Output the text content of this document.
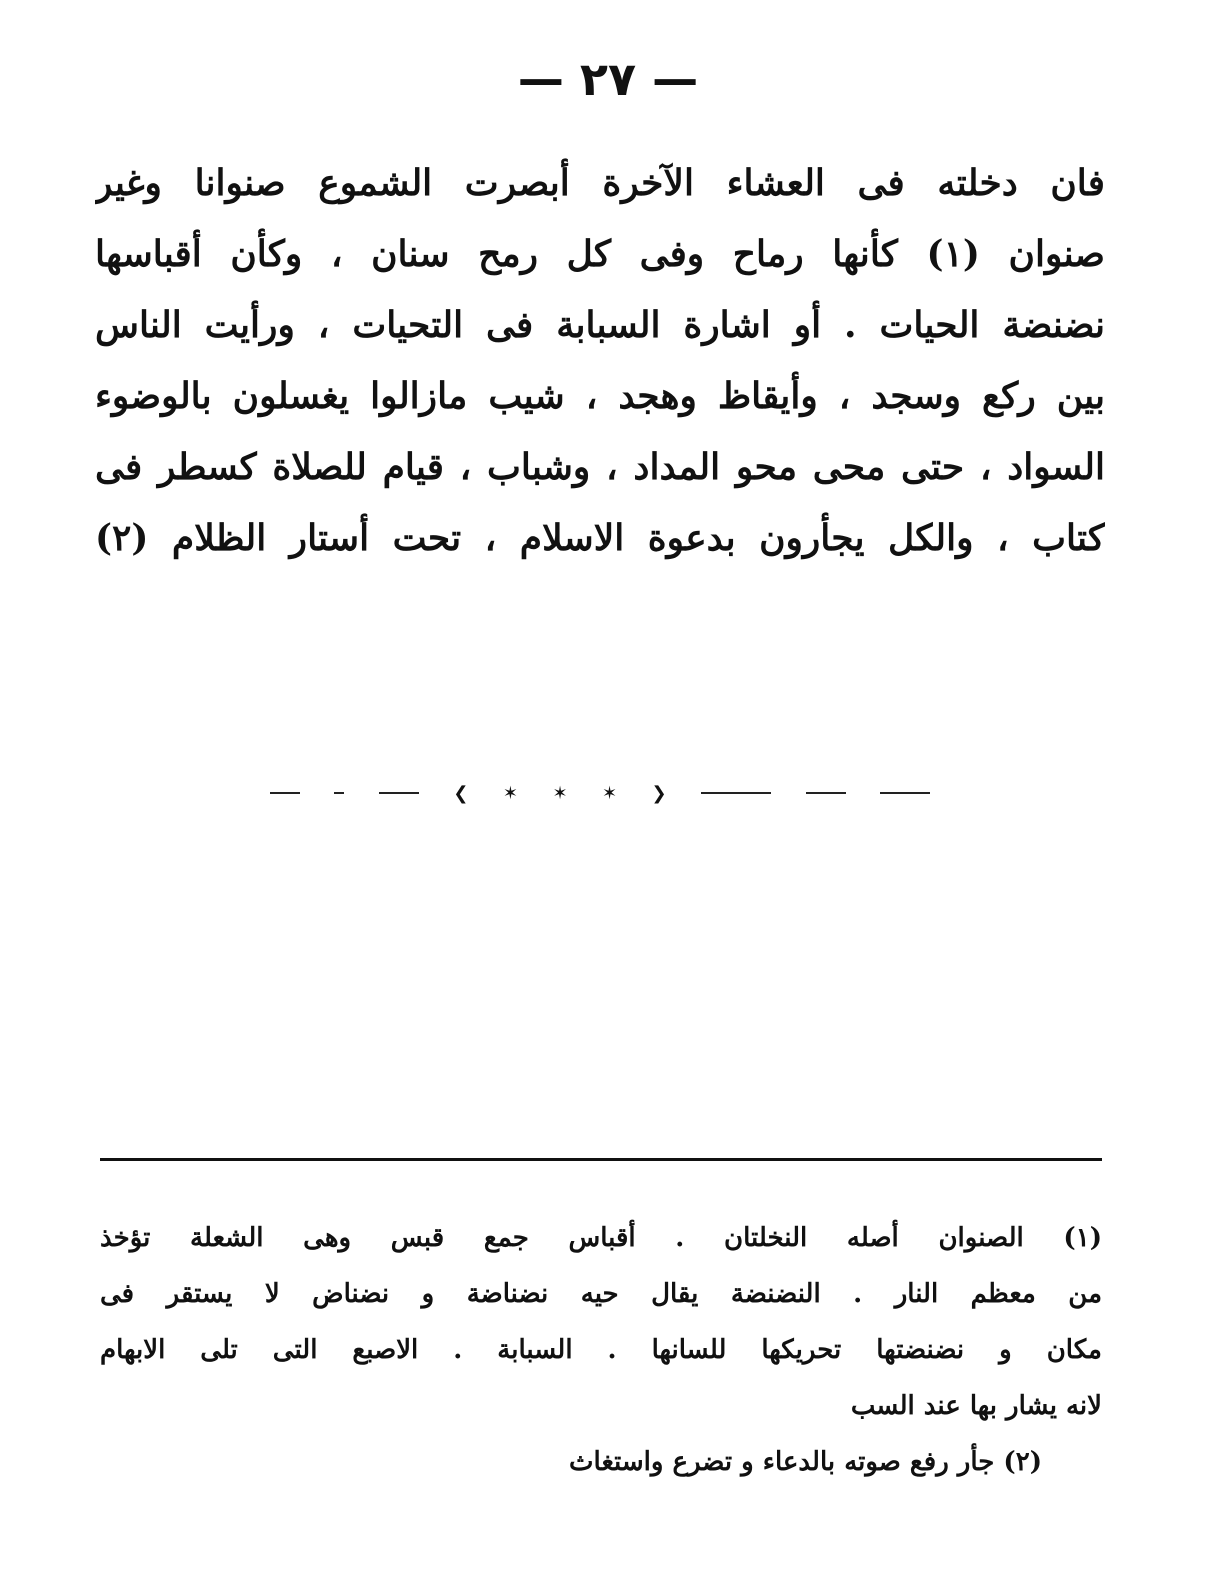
— ٢٧ —
فان دخلته فى العشاء الآخرة أبصرت الشموع صنوانا وغير
صنوان (١) كأنها رماح وفى كل رمح سنان ، وكأن أقباسها
نضنضة الحيات . أو اشارة السبابة فى التحيات ، ورأيت الناس
بين ركع وسجد ، وأيقاظ وهجد ، شيب مازالوا يغسلون بالوضوء
السواد ، حتى محى محو المداد ، وشباب ، قيام للصلاة كسطر فى
كتاب ، والكل يجأرون بدعوة الاسلام ، تحت أستار الظلام (٢)
❮ ✶ ✶ ✶ ❯
(١) الصنوان أصله النخلتان . أقباس جمع قبس وهى الشعلة تؤخذ
من معظم النار . النضنضة يقال حيه نضناضة و نضناض لا يستقر فى
مكان و نضنضتها تحريكها للسانها . السبابة . الاصبع التى تلى الابهام
لانه يشار بها عند السب
(٢) جأر رفع صوته بالدعاء و تضرع واستغاث
